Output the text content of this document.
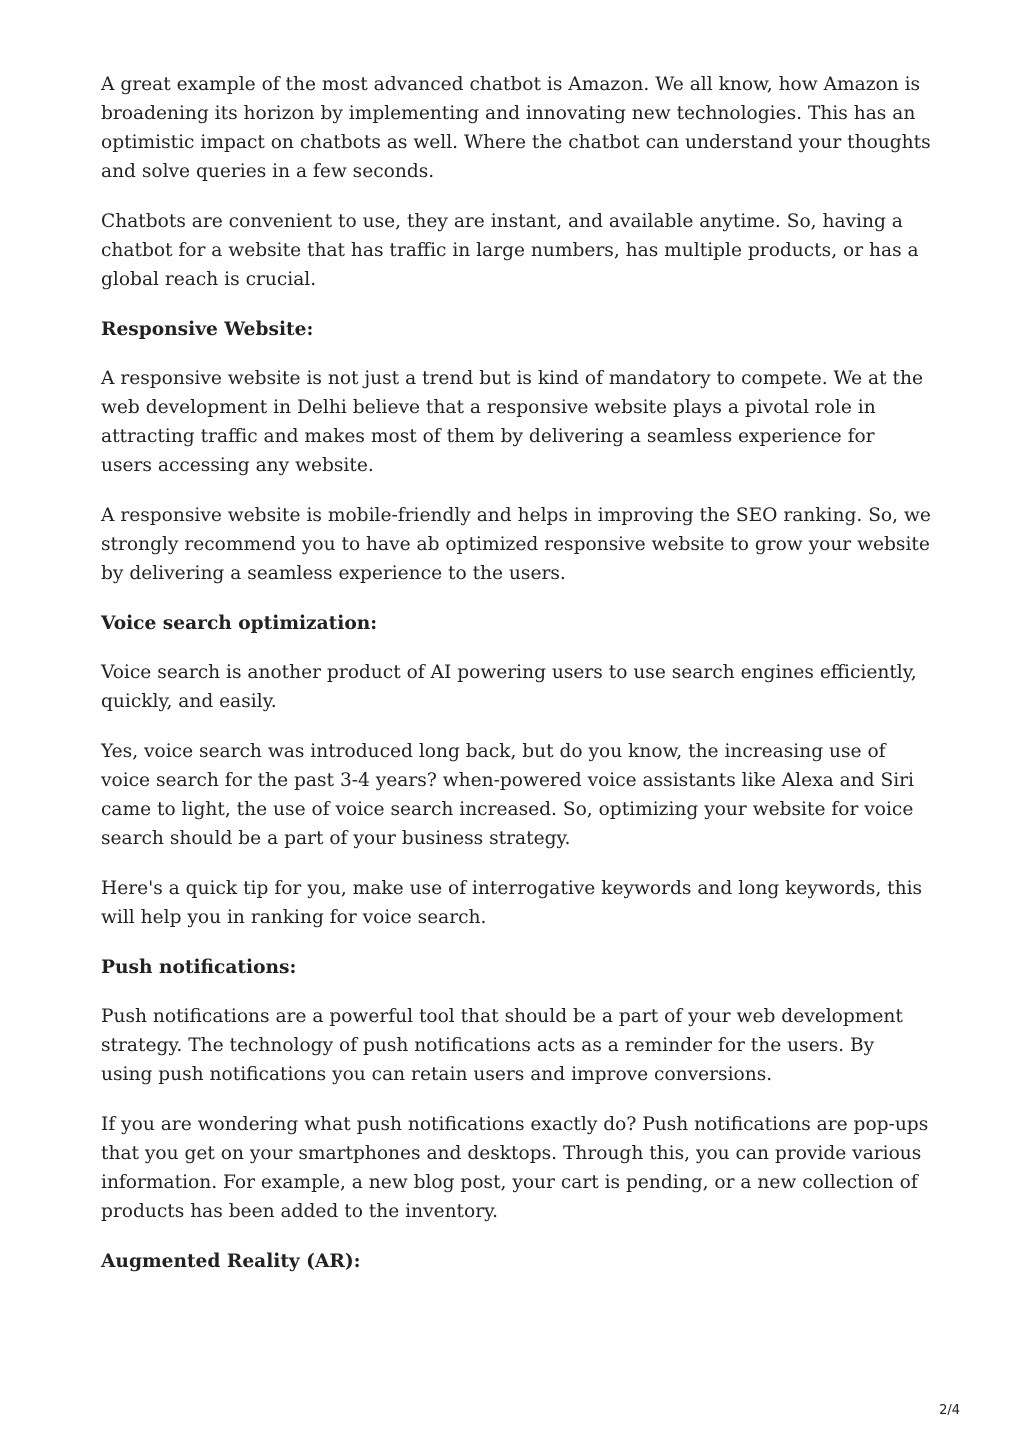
A great example of the most advanced chatbot is Amazon. We all know, how Amazon is broadening its horizon by implementing and innovating new technologies. This has an optimistic impact on chatbots as well. Where the chatbot can understand your thoughts and solve queries in a few seconds.

Chatbots are convenient to use, they are instant, and available anytime. So, having a chatbot for a website that has traffic in large numbers, has multiple products, or has a global reach is crucial.

Responsive Website:

A responsive website is not just a trend but is kind of mandatory to compete. We at the web development in Delhi believe that a responsive website plays a pivotal role in attracting traffic and makes most of them by delivering a seamless experience for users accessing any website.

A responsive website is mobile-friendly and helps in improving the SEO ranking. So, we strongly recommend you to have ab optimized responsive website to grow your website by delivering a seamless experience to the users.

Voice search optimization:

Voice search is another product of AI powering users to use search engines efficiently, quickly, and easily.

Yes, voice search was introduced long back, but do you know, the increasing use of voice search for the past 3-4 years? when-powered voice assistants like Alexa and Siri came to light, the use of voice search increased. So, optimizing your website for voice search should be a part of your business strategy.

Here's a quick tip for you, make use of interrogative keywords and long keywords, this will help you in ranking for voice search.

Push notifications:

Push notifications are a powerful tool that should be a part of your web development strategy. The technology of push notifications acts as a reminder for the users. By using push notifications you can retain users and improve conversions.

If you are wondering what push notifications exactly do? Push notifications are pop-ups that you get on your smartphones and desktops. Through this, you can provide various information. For example, a new blog post, your cart is pending, or a new collection of products has been added to the inventory.

Augmented Reality (AR):
2/4
